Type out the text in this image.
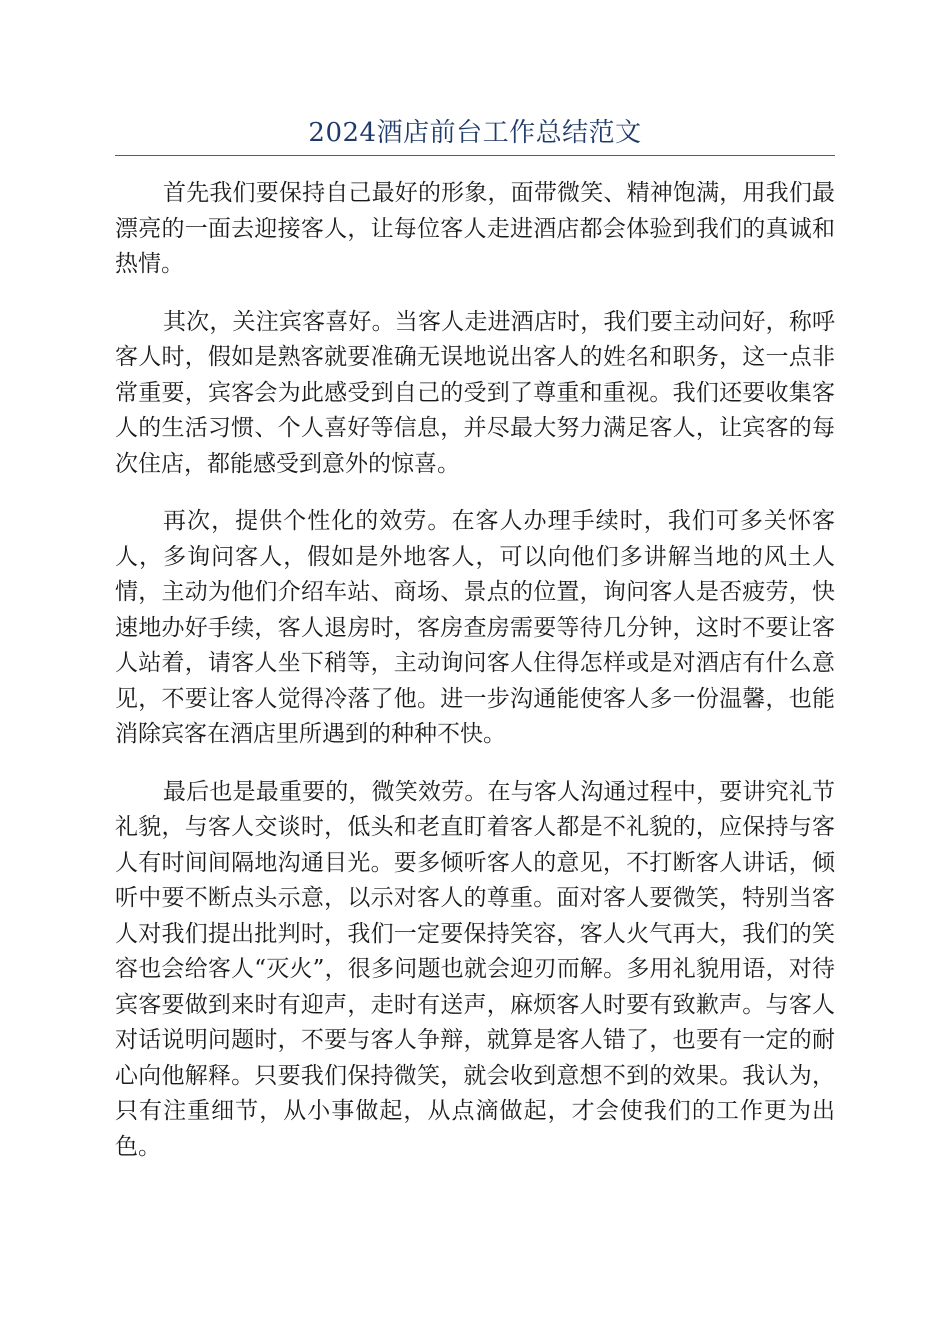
2024酒店前台工作总结范文

首先我们要保持自己最好的形象，面带微笑、精神饱满，用我们最漂亮的一面去迎接客人，让每位客人走进酒店都会体验到我们的真诚和热情。

其次，关注宾客喜好。当客人走进酒店时，我们要主动问好，称呼客人时，假如是熟客就要准确无误地说出客人的姓名和职务，这一点非常重要，宾客会为此感受到自己的受到了尊重和重视。我们还要收集客人的生活习惯、个人喜好等信息，并尽最大努力满足客人，让宾客的每次住店，都能感受到意外的惊喜。

再次，提供个性化的效劳。在客人办理手续时，我们可多关怀客人，多询问客人，假如是外地客人，可以向他们多讲解当地的风土人情，主动为他们介绍车站、商场、景点的位置，询问客人是否疲劳，快速地办好手续，客人退房时，客房查房需要等待几分钟，这时不要让客人站着，请客人坐下稍等，主动询问客人住得怎样或是对酒店有什么意见，不要让客人觉得冷落了他。进一步沟通能使客人多一份温馨，也能消除宾客在酒店里所遇到的种种不快。

最后也是最重要的，微笑效劳。在与客人沟通过程中，要讲究礼节礼貌，与客人交谈时，低头和老直盯着客人都是不礼貌的，应保持与客人有时间间隔地沟通目光。要多倾听客人的意见，不打断客人讲话，倾听中要不断点头示意，以示对客人的尊重。面对客人要微笑，特别当客人对我们提出批判时，我们一定要保持笑容，客人火气再大，我们的笑容也会给客人“灭火”，很多问题也就会迎刃而解。多用礼貌用语，对待宾客要做到来时有迎声，走时有送声，麻烦客人时要有致歉声。与客人对话说明问题时，不要与客人争辩，就算是客人错了，也要有一定的耐心向他解释。只要我们保持微笑，就会收到意想不到的效果。我认为，只有注重细节，从小事做起，从点滴做起，才会使我们的工作更为出色。
